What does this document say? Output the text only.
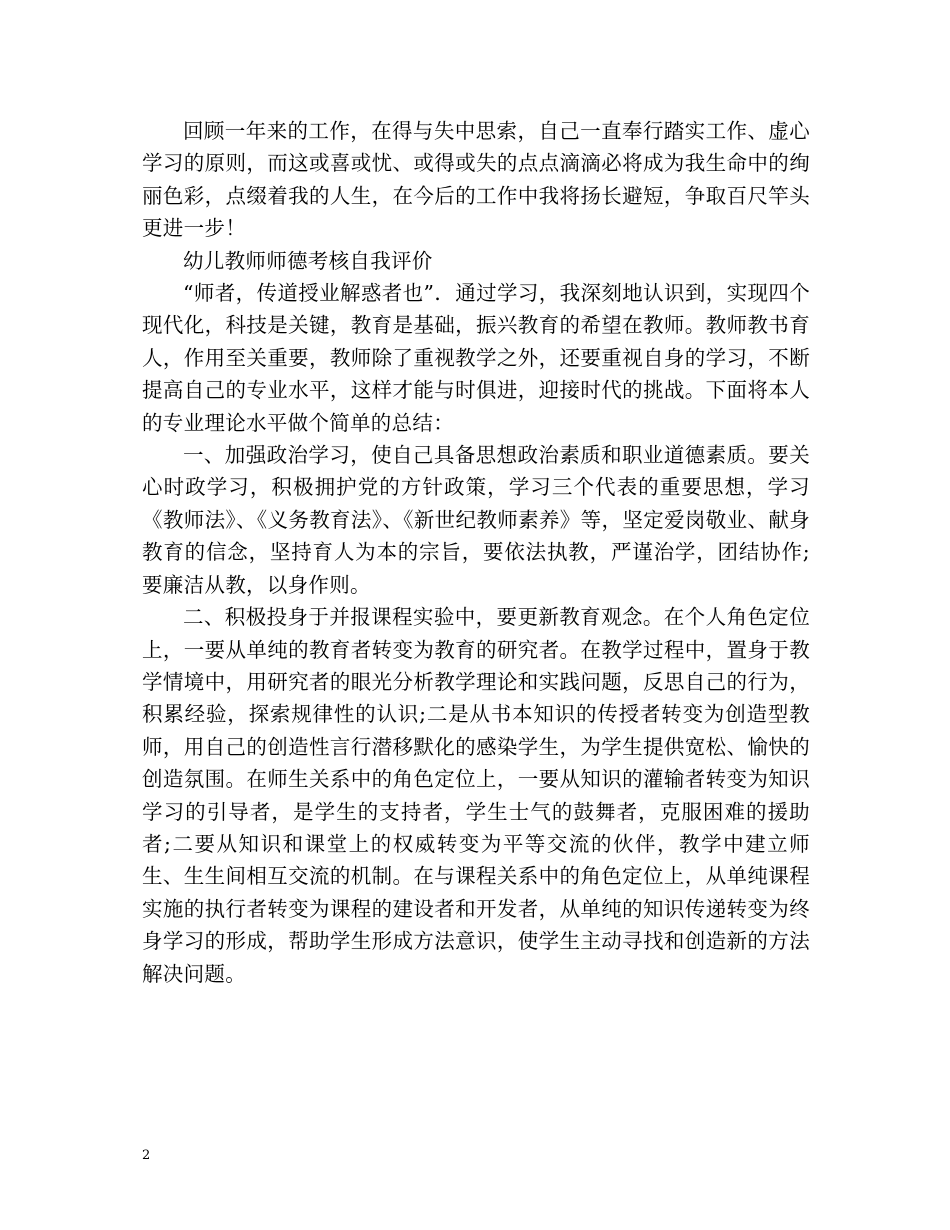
回顾一年来的工作，在得与失中思索，自己一直奉行踏实工作、虚心学习的原则，而这或喜或忧、或得或失的点点滴滴必将成为我生命中的绚丽色彩，点缀着我的人生，在今后的工作中我将扬长避短，争取百尺竿头更进一步！

幼儿教师师德考核自我评价

“师者，传道授业解惑者也”．通过学习，我深刻地认识到，实现四个现代化，科技是关键，教育是基础，振兴教育的希望在教师。教师教书育人，作用至关重要，教师除了重视教学之外，还要重视自身的学习，不断提高自己的专业水平，这样才能与时俱进，迎接时代的挑战。下面将本人的专业理论水平做个简单的总结：

一、加强政治学习，使自己具备思想政治素质和职业道德素质。要关心时政学习，积极拥护党的方针政策，学习三个代表的重要思想，学习《教师法》、《义务教育法》、《新世纪教师素养》等，坚定爱岗敬业、献身教育的信念，坚持育人为本的宗旨，要依法执教，严谨治学，团结协作;要廉洁从教，以身作则。

二、积极投身于并报课程实验中，要更新教育观念。在个人角色定位上，一要从单纯的教育者转变为教育的研究者。在教学过程中，置身于教学情境中，用研究者的眼光分析教学理论和实践问题，反思自己的行为，积累经验，探索规律性的认识;二是从书本知识的传授者转变为创造型教师，用自己的创造性言行潜移默化的感染学生，为学生提供宽松、愉快的创造氛围。在师生关系中的角色定位上，一要从知识的灌输者转变为知识学习的引导者，是学生的支持者，学生士气的鼓舞者，克服困难的援助者;二要从知识和课堂上的权威转变为平等交流的伙伴，教学中建立师生、生生间相互交流的机制。在与课程关系中的角色定位上，从单纯课程实施的执行者转变为课程的建设者和开发者，从单纯的知识传递转变为终身学习的形成，帮助学生形成方法意识，使学生主动寻找和创造新的方法解决问题。

2
